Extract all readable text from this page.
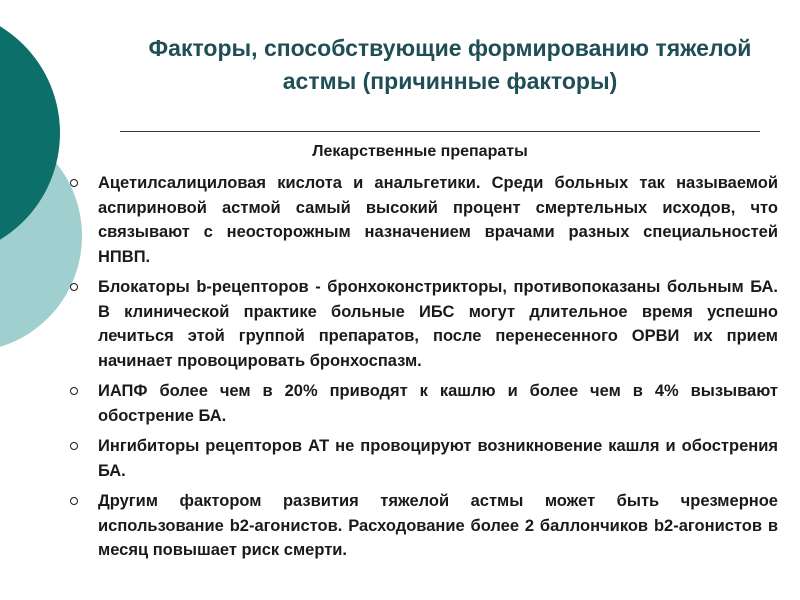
Факторы, способствующие формированию тяжелой астмы (причинные факторы)

Лекарственные препараты

Ацетилсалициловая кислота и анальгетики. Среди больных так называемой аспириновой астмой самый высокий процент смертельных исходов, что связывают с неосторожным назначением врачами разных специальностей НПВП.
Блокаторы b-рецепторов - бронхоконстрикторы, противопоказаны больным БА. В клинической практике больные ИБС могут длительное время успешно лечиться этой группой препаратов, после перенесенного ОРВИ их прием начинает провоцировать бронхоспазм.
ИАПФ более чем в 20% приводят к кашлю и более чем в 4% вызывают обострение БА.
Ингибиторы рецепторов АТ не провоцируют возникновение кашля и обострения БА.
Другим фактором развития тяжелой астмы может быть чрезмерное использование b2-агонистов. Расходование более 2 баллончиков b2-агонистов в месяц повышает риск смерти.
